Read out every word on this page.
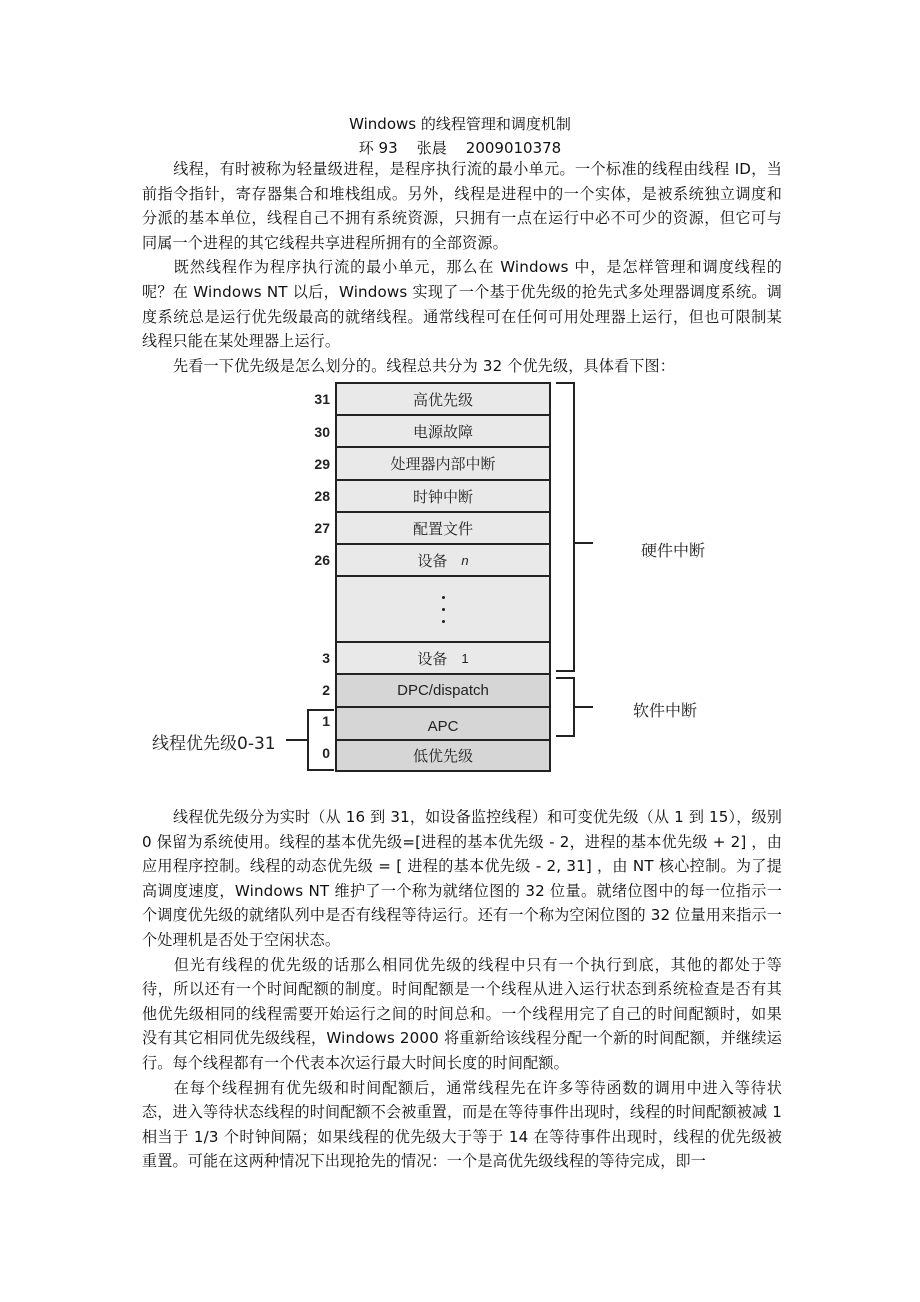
Windows 的线程管理和调度机制
环 93    张晨    2009010378

线程，有时被称为轻量级进程，是程序执行流的最小单元。一个标准的线程由线程 ID，当前指令指针，寄存器集合和堆栈组成。另外，线程是进程中的一个实体，是被系统独立调度和分派的基本单位，线程自己不拥有系统资源，只拥有一点在运行中必不可少的资源，但它可与同属一个进程的其它线程共享进程所拥有的全部资源。

既然线程作为程序执行流的最小单元，那么在 Windows 中，是怎样管理和调度线程的呢？在 Windows NT 以后，Windows 实现了一个基于优先级的抢先式多处理器调度系统。调度系统总是运行优先级最高的就绪线程。通常线程可在任何可用处理器上运行，但也可限制某线程只能在某处理器上运行。

先看一下优先级是怎么划分的。线程总共分为 32 个优先级，具体看下图：

高优先级
电源故障
处理器内部中断
时钟中断
配置文件
设备 n
设备 1
DPC/dispatch
APC
低优先级
31
30
29
28
27
26
3
2
1
0
硬件中断
软件中断
线程优先级0-31

线程优先级分为实时（从 16 到 31，如设备监控线程）和可变优先级（从 1 到 15），级别 0 保留为系统使用。线程的基本优先级=[进程的基本优先级 - 2，进程的基本优先级 + 2] ，由应用程序控制。线程的动态优先级 = [ 进程的基本优先级 - 2, 31] ，由 NT 核心控制。为了提高调度速度，Windows NT 维护了一个称为就绪位图的 32 位量。就绪位图中的每一位指示一个调度优先级的就绪队列中是否有线程等待运行。还有一个称为空闲位图的 32 位量用来指示一个处理机是否处于空闲状态。

但光有线程的优先级的话那么相同优先级的线程中只有一个执行到底，其他的都处于等待，所以还有一个时间配额的制度。时间配额是一个线程从进入运行状态到系统检查是否有其他优先级相同的线程需要开始运行之间的时间总和。一个线程用完了自己的时间配额时，如果没有其它相同优先级线程，Windows 2000 将重新给该线程分配一个新的时间配额，并继续运行。每个线程都有一个代表本次运行最大时间长度的时间配额。

在每个线程拥有优先级和时间配额后，通常线程先在许多等待函数的调用中进入等待状态，进入等待状态线程的时间配额不会被重置，而是在等待事件出现时，线程的时间配额被减 1 相当于 1/3 个时钟间隔；如果线程的优先级大于等于 14 在等待事件出现时，线程的优先级被重置。可能在这两种情况下出现抢先的情况：一个是高优先级线程的等待完成，即一
